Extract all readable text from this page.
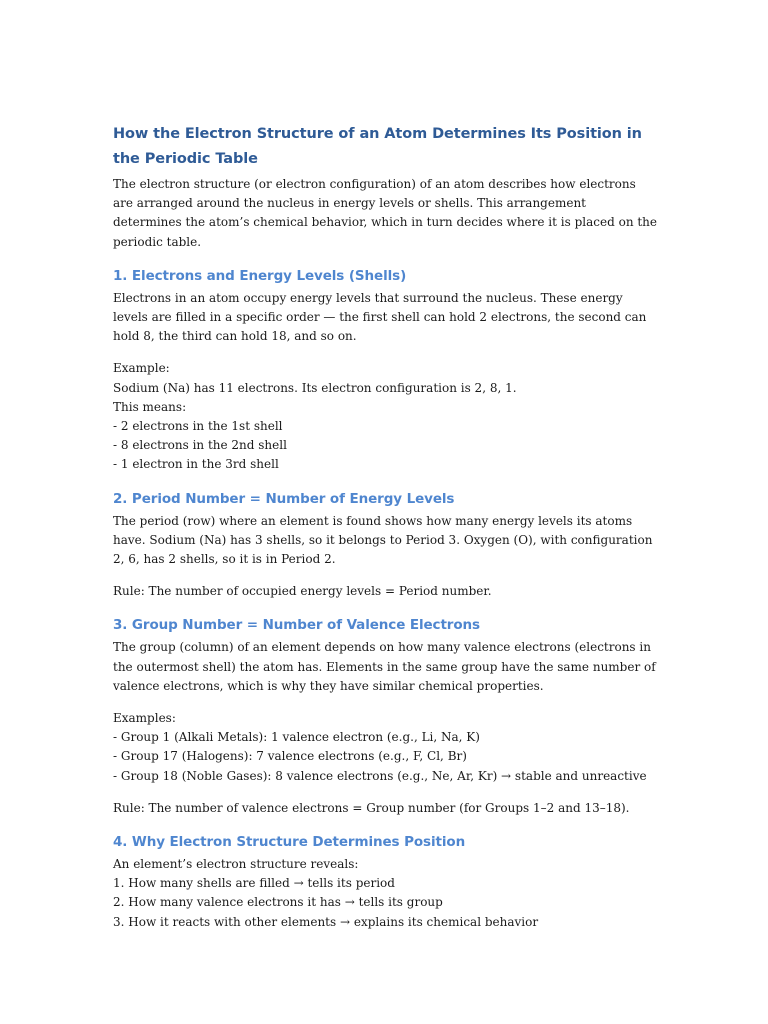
How the Electron Structure of an Atom Determines Its Position in the Periodic Table

The electron structure (or electron configuration) of an atom describes how electrons are arranged around the nucleus in energy levels or shells. This arrangement determines the atom’s chemical behavior, which in turn decides where it is placed on the periodic table.

1. Electrons and Energy Levels (Shells)

Electrons in an atom occupy energy levels that surround the nucleus. These energy levels are filled in a specific order — the first shell can hold 2 electrons, the second can hold 8, the third can hold 18, and so on.

Example:
Sodium (Na) has 11 electrons. Its electron configuration is 2, 8, 1.
This means:
- 2 electrons in the 1st shell
- 8 electrons in the 2nd shell
- 1 electron in the 3rd shell
2. Period Number = Number of Energy Levels

The period (row) where an element is found shows how many energy levels its atoms have. Sodium (Na) has 3 shells, so it belongs to Period 3. Oxygen (O), with configuration 2, 6, has 2 shells, so it is in Period 2.

Rule: The number of occupied energy levels = Period number.

3. Group Number = Number of Valence Electrons

The group (column) of an element depends on how many valence electrons (electrons in the outermost shell) the atom has. Elements in the same group have the same number of valence electrons, which is why they have similar chemical properties.

Examples:
- Group 1 (Alkali Metals): 1 valence electron (e.g., Li, Na, K)
- Group 17 (Halogens): 7 valence electrons (e.g., F, Cl, Br)
- Group 18 (Noble Gases): 8 valence electrons (e.g., Ne, Ar, Kr) → stable and unreactive

Rule: The number of valence electrons = Group number (for Groups 1–2 and 13–18).

4. Why Electron Structure Determines Position
An element’s electron structure reveals:
1. How many shells are filled → tells its period
2. How many valence electrons it has → tells its group
3. How it reacts with other elements → explains its chemical behavior
